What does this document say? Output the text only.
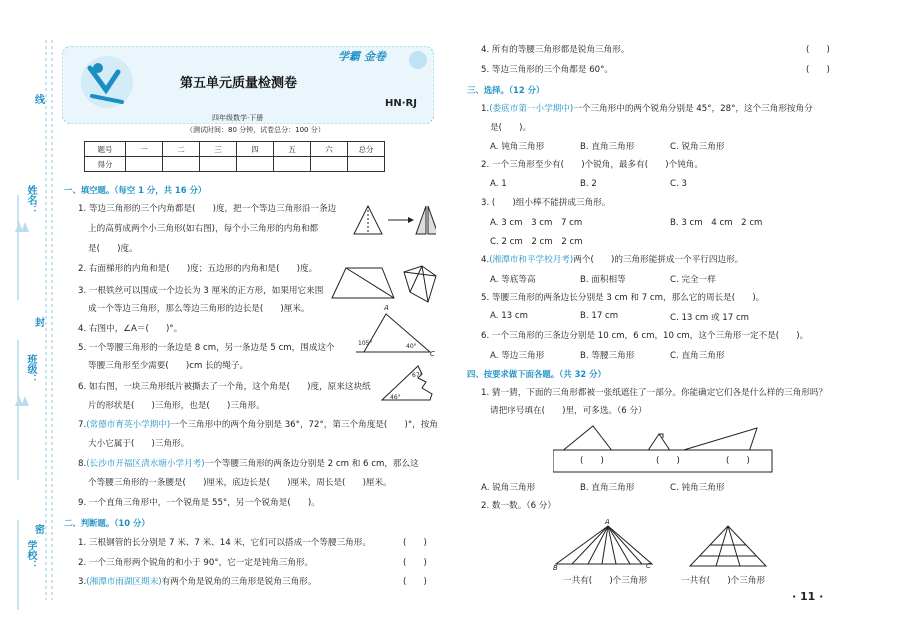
线
姓名：
封
班级：
密
学校：
学霸 金卷
第五单元质量检测卷
HN·RJ
四年级数学·下册
（测试时间：80 分钟，试卷总分：100 分）
题号	一	二	三	四	五	六	总分
得分							
一、填空题。（每空 1 分，共 16 分）
1. 等边三角形的三个内角都是(　　)度，把一个等边三角形沿一条边
上的高剪成两个小三角形(如右图)，每个小三角形的内角和都
是(　　)度。
2. 右面梯形的内角和是(　　)度；五边形的内角和是(　　)度。
3. 一根铁丝可以围成一个边长为 3 厘米的正方形，如果用它来围
成一个等边三角形，那么等边三角形的边长是(　　)厘米。
4. 右图中，∠A＝(　　)°。
5. 一个等腰三角形的一条边是 8 cm，另一条边是 5 cm，围成这个
等腰三角形至少需要(　　)cm 长的绳子。
6. 如右图，一块三角形纸片被撕去了一个角，这个角是(　　)度，原来这块纸
片的形状是(　　)三角形，也是(　　)三角形。
7.(常德市育英小学期中)一个三角形中的两个角分别是 36°，72°，第三个角度是(　　)°，按角
大小它属于(　　)三角形。
8.(长沙市开福区清水塘小学月考)一个等腰三角形的两条边分别是 2 cm 和 6 cm，那么这
个等腰三角形的一条腰是(　　)厘米，底边长是(　　)厘米，周长是(　　)厘米。
9. 一个直角三角形中，一个锐角是 55°，另一个锐角是(　　)。
A
C
105°	40°
67°
46°
二、判断题。（10 分）
1. 三根钢管的长分别是 7 米、7 米、14 米，它们可以搭成一个等腰三角形。	(　　)
2. 一个三角形两个锐角的和小于 90°，它一定是钝角三角形。	(　　)
3.(湘潭市雨湖区期末)有两个角是锐角的三角形是锐角三角形。	(　　)
4. 所有的等腰三角形都是锐角三角形。	(　　)
5. 等边三角形的三个角都是 60°。	(　　)
三、选择。（12 分）
1.(娄底市第一小学期中)一个三角形中的两个锐角分别是 45°，28°，这个三角形按角分
是(　　)。
A. 钝角三角形	B. 直角三角形	C. 锐角三角形
2. 一个三角形至少有(　　)个锐角，最多有(　　)个钝角。
A. 1	B. 2	C. 3
3. (　　)组小棒不能拼成三角形。
A. 3 cm　3 cm　7 cm	B. 3 cm　4 cm　2 cm
C. 2 cm　2 cm　2 cm
4.(湘潭市和平学校月考)两个(　　)的三角形能拼成一个平行四边形。
A. 等底等高	B. 面积相等	C. 完全一样
5. 等腰三角形的两条边长分别是 3 cm 和 7 cm，那么它的周长是(　　)。
A. 13 cm	B. 17 cm	C. 13 cm 或 17 cm
6. 一个三角形的三条边分别是 10 cm，6 cm，10 cm，这个三角形一定不是(　　)。
A. 等边三角形	B. 等腰三角形	C. 直角三角形
四、按要求做下面各题。（共 32 分）
1. 猜一猜，下面的三角形都被一张纸遮住了一部分。你能确定它们各是什么样的三角形吗？
请把序号填在(　　)里，可多选。（6 分）
(　　)	(　　)	(　　)
A. 锐角三角形	B. 直角三角形	C. 钝角三角形
2. 数一数。（6 分）
A
B	C
一共有(　　)个三角形	一共有(　　)个三角形
· 11 ·
